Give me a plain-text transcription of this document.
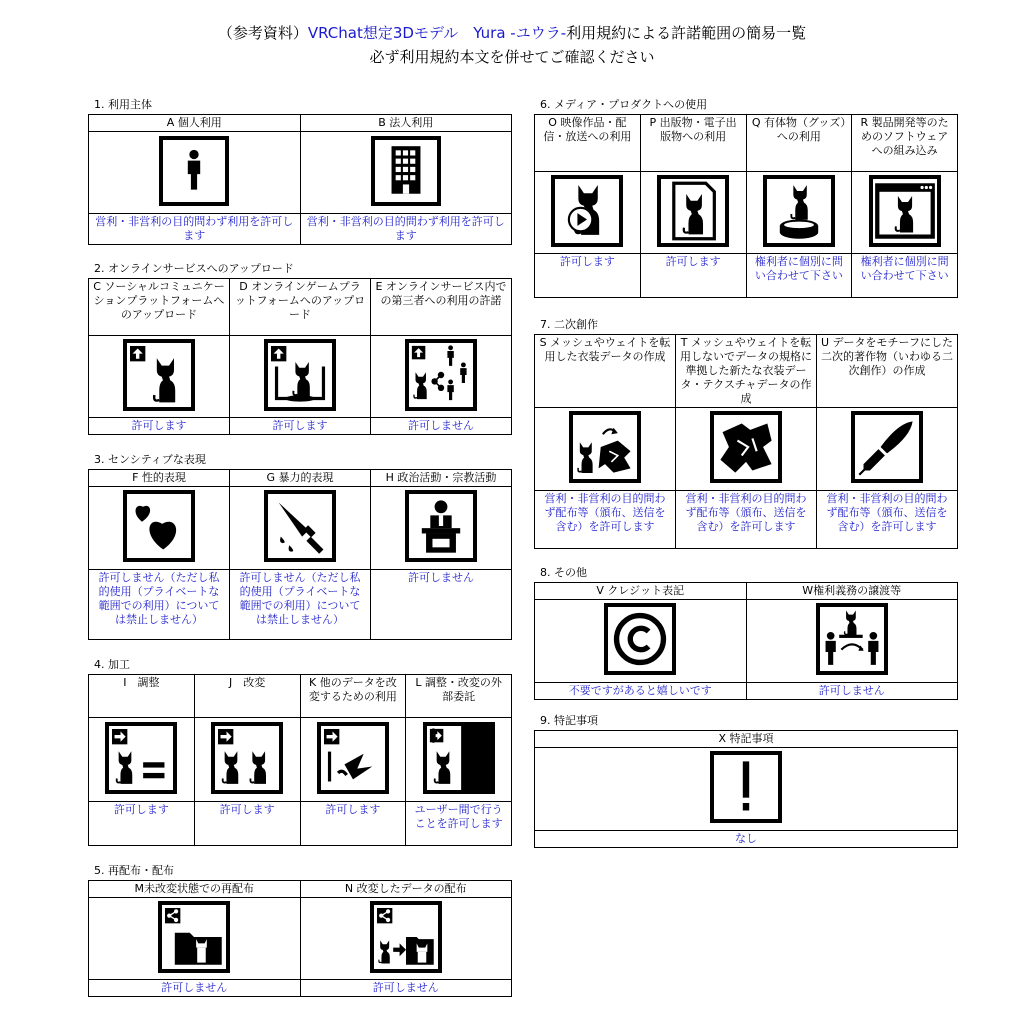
（参考資料）VRChat想定3Dモデル　Yura -ユウラ-利用規約による許諾範囲の簡易一覧
必ず利用規約本文を併せてご確認ください
1. 利用主体
A 個人利用	B 法人利用

営利・非営利の目的問わず利用を許可します	営利・非営利の目的問わず利用を許可します
2. オンラインサービスへのアップロード
C ソーシャルコミュニケーションプラットフォームへのアップロード	D オンラインゲームプラットフォームへのアップロード	E オンラインサービス内での第三者への利用の許諾

許可します	許可します	許可しません
3. センシティブな表現
F 性的表現	G 暴力的表現	H 政治活動・宗教活動

許可しません（ただし私的使用（プライベートな範囲での利用）については禁止しません）	許可しません（ただし私的使用（プライベートな範囲での利用）については禁止しません）	許可しません
4. 加工
I　調整	J　改変	K 他のデータを改変するための利用	L 調整・改変の外部委託

許可します	許可します	許可します	ユーザー間で行うことを許可します
5. 再配布・配布
M未改変状態での再配布	N 改変したデータの配布

許可しません	許可しません
6. メディア・プロダクトへの使用
O 映像作品・配信・放送への利用	P 出版物・電子出版物への利用	Q 有体物（グッズ）への利用	R 製品開発等のためのソフトウェアへの組み込み

許可します	許可します	権利者に個別に問い合わせて下さい	権利者に個別に問い合わせて下さい
7. 二次創作
S メッシュやウェイトを転用した衣装データの作成	T メッシュやウェイトを転用しないでデータの規格に準拠した新たな衣装データ・テクスチャデータの作成	U データをモチーフにした二次的著作物（いわゆる二次創作）の作成

営利・非営利の目的問わず配布等（頒布、送信を含む）を許可します	営利・非営利の目的問わず配布等（頒布、送信を含む）を許可します	営利・非営利の目的問わず配布等（頒布、送信を含む）を許可します
8. その他
V クレジット表記	W権利義務の譲渡等

不要ですがあると嬉しいです	許可しません
9. 特記事項
X 特記事項

なし
